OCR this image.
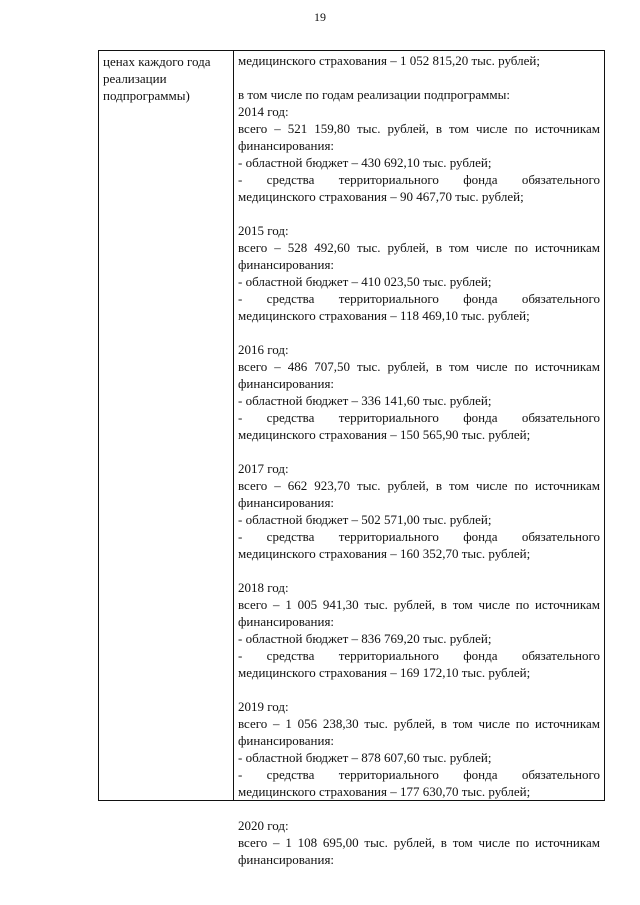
19
ценах каждого года
реализации
подпрограммы)
медицинского страхования – 1 052 815,20 тыс. рублей;
в том числе по годам реализации подпрограммы:
2014 год:
всего – 521 159,80 тыс. рублей, в том числе по источникам
финансирования:
- областной бюджет – 430 692,10 тыс. рублей;
- средства территориального фонда обязательного
медицинского страхования – 90 467,70 тыс. рублей;
2015 год:
всего – 528 492,60 тыс. рублей, в том числе по источникам
финансирования:
- областной бюджет – 410 023,50 тыс. рублей;
- средства территориального фонда обязательного
медицинского страхования – 118 469,10 тыс. рублей;
2016 год:
всего – 486 707,50 тыс. рублей, в том числе по источникам
финансирования:
- областной бюджет – 336 141,60 тыс. рублей;
- средства территориального фонда обязательного
медицинского страхования – 150 565,90 тыс. рублей;
2017 год:
всего – 662 923,70 тыс. рублей, в том числе по источникам
финансирования:
- областной бюджет – 502 571,00 тыс. рублей;
- средства территориального фонда обязательного
медицинского страхования – 160 352,70 тыс. рублей;
2018 год:
всего – 1 005 941,30 тыс. рублей, в том числе по источникам
финансирования:
- областной бюджет – 836 769,20 тыс. рублей;
- средства территориального фонда обязательного
медицинского страхования – 169 172,10 тыс. рублей;
2019 год:
всего – 1 056 238,30 тыс. рублей, в том числе по источникам
финансирования:
- областной бюджет – 878 607,60 тыс. рублей;
- средства территориального фонда обязательного
медицинского страхования – 177 630,70 тыс. рублей;
2020 год:
всего – 1 108 695,00 тыс. рублей, в том числе по источникам
финансирования:
